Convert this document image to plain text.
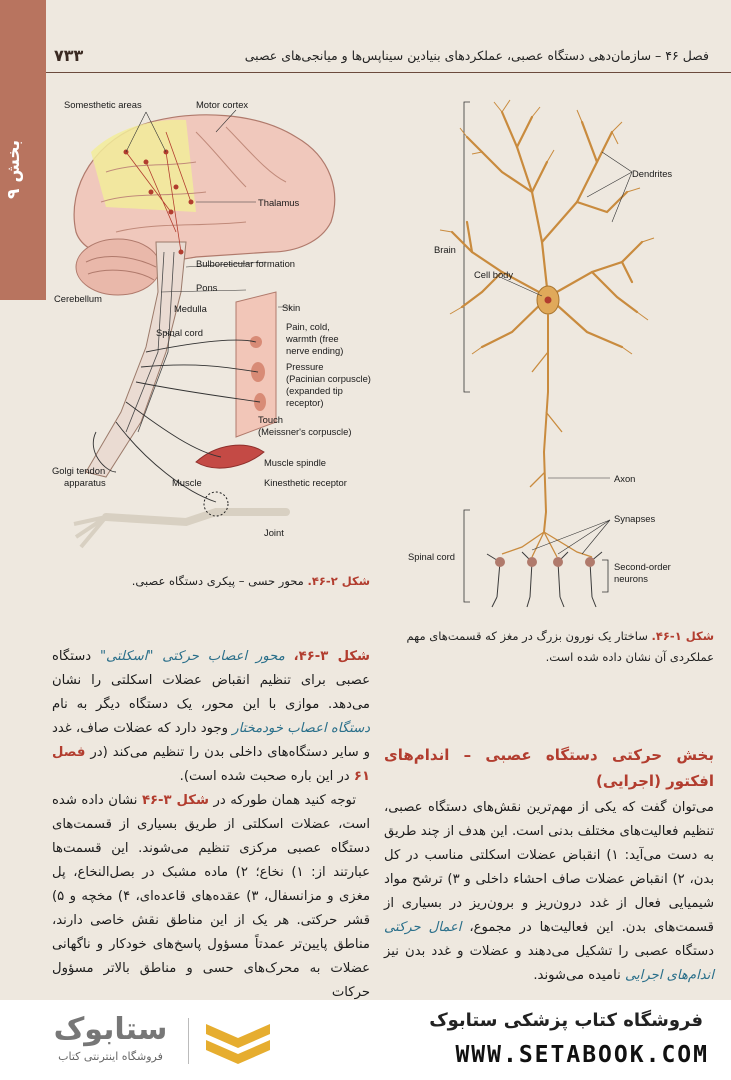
بخش ۹
۷۳۳	فصل ۴۶ – سازمان‌دهی دستگاه عصبی، عملکردهای بنیادین سیناپس‌ها و میانجی‌های عصبی
Somesthetic areas	Motor cortex
Thalamus
Bulboreticular formation
Pons
Cerebellum
Medulla	Skin
Spinal cord
Pain, cold,
warmth (free
nerve ending)
Pressure
(Pacinian corpuscle)
(expanded tip
receptor)
Touch
(Meissner's corpuscle)
Golgi tendon
apparatus
Muscle spindle
Muscle	Kinesthetic receptor
Joint
شکل ۲-۴۶. محور حسی – پیکری دستگاه عصبی.
Dendrites
Brain
Cell body
Axon
Synapses
Spinal cord
Second-order
neurons
شکل ۱-۴۶. ساختار یک نورون بزرگ در مغز که قسمت‌های مهم عملکردی آن نشان داده شده است.

شکل ۳-۴۶، محور اعصاب حرکتی "اسکلتی" دستگاه عصبی برای تنظیم انقباض عضلات اسکلتی را نشان می‌دهد. موازی با این محور، یک دستگاه دیگر به نام دستگاه اعصاب خودمختار وجود دارد که عضلات صاف، غدد و سایر دستگاه‌های داخلی بدن را تنظیم می‌کند (در فصل ۶۱ در این باره صحبت شده است).

توجه کنید همان طورکه در شکل ۳-۴۶ نشان داده شده است، عضلات اسکلتی از طریق بسیاری از قسمت‌های دستگاه عصبی مرکزی تنظیم می‌شوند. این قسمت‌ها عبارتند از: ۱) نخاع؛ ۲) ماده مشبک در بصل‌النخاع، پل مغزی و مزانسفال، ۳) عقده‌های قاعده‌ای، ۴) مخچه و ۵) قشر حرکتی. هر یک از این مناطق نقش خاصی دارند، مناطق پایین‌تر عمدتاً مسؤول پاسخ‌های خودکار و ناگهانی عضلات به محرک‌های حسی و مناطق بالاتر مسؤول حرکات

بخش حرکتی دستگاه عصبی – اندام‌های افکتور (اجرایی)

می‌توان گفت که یکی از مهم‌ترین نقش‌های دستگاه عصبی، تنظیم فعالیت‌های مختلف بدنی است. این هدف از چند طریق به دست می‌آید: ۱) انقباض عضلات اسکلتی مناسب در کل بدن، ۲) انقباض عضلات صاف احشاء داخلی و ۳) ترشح مواد شیمیایی فعال از غدد درون‌ریز و برون‌ریز در بسیاری از قسمت‌های بدن. این فعالیت‌ها در مجموع، اعمال حرکتی دستگاه عصبی را تشکیل می‌دهند و عضلات و غدد بدن نیز اندام‌های اجرایی نامیده می‌شوند.

ستابوک
فروشگاه اینترنتی کتاب
فروشگاه کتاب پزشکی ستابوک
WWW.SETABOOK.COM
